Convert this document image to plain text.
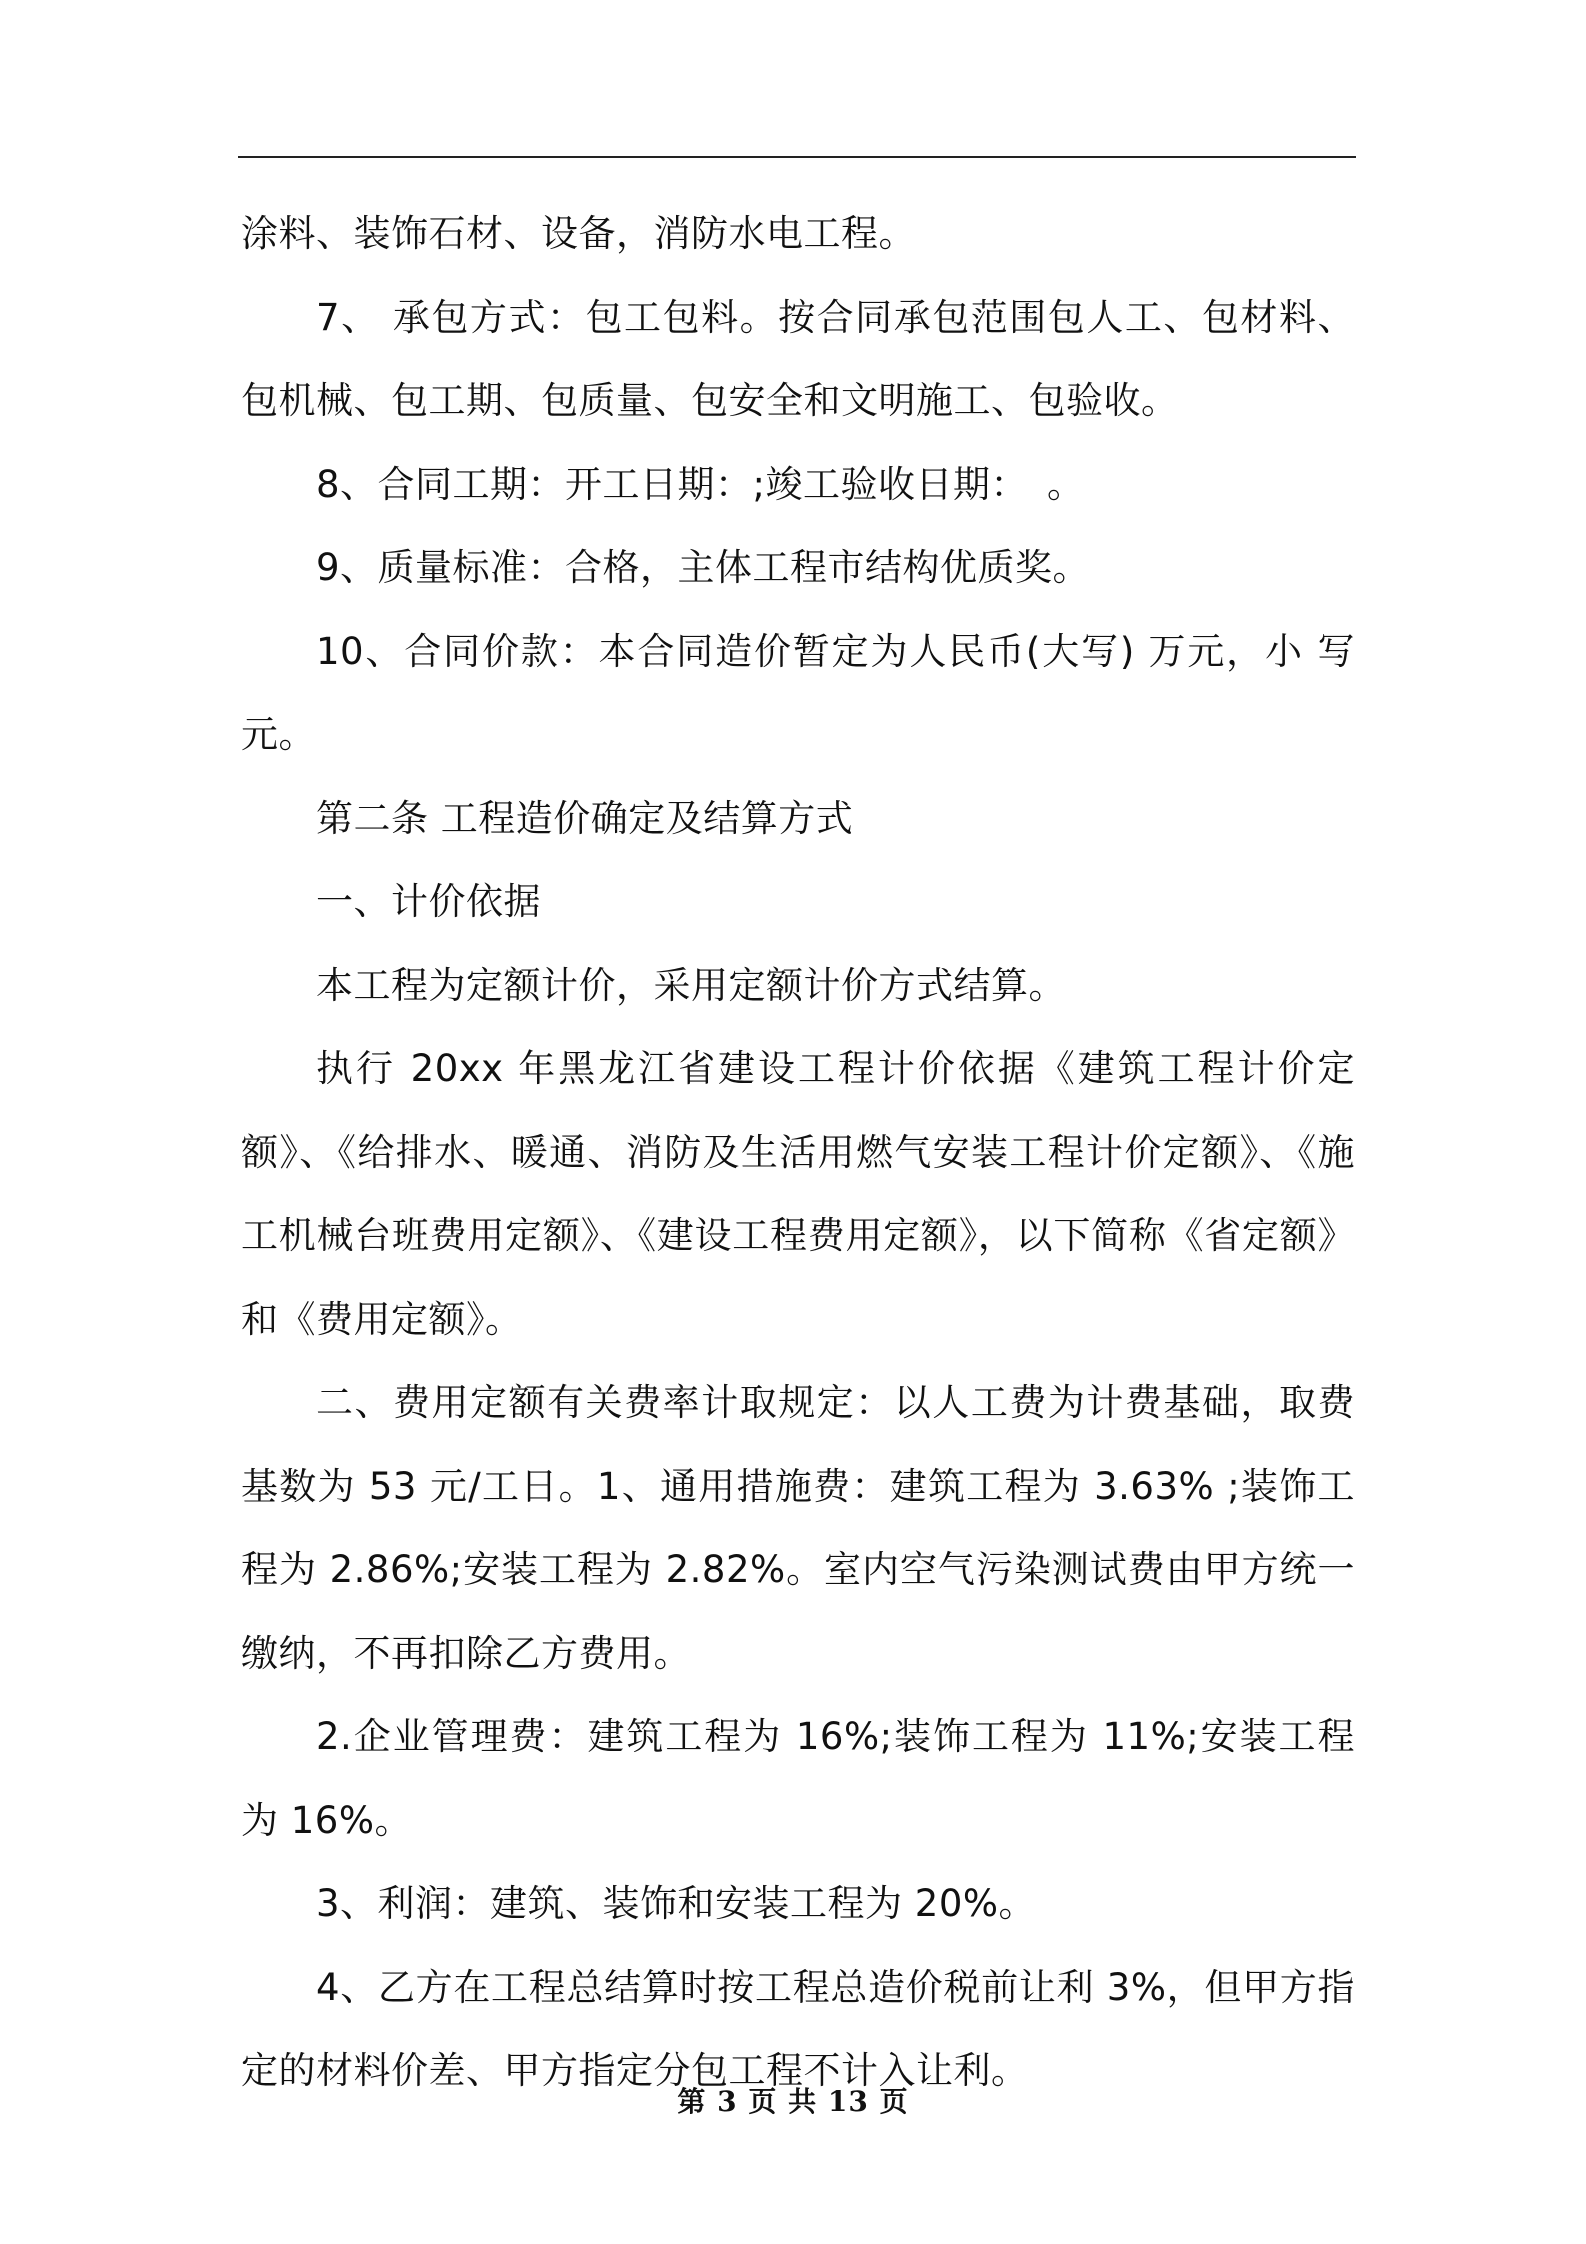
涂料、装饰石材、设备，消防水电工程。

7、 承包方式：包工包料。按合同承包范围包人工、包材料、包机械、包工期、包质量、包安全和文明施工、包验收。

8、合同工期：开工日期：;竣工验收日期：　。

9、质量标准：合格，主体工程市结构优质奖。

10、合同价款：本合同造价暂定为人民币(大写) 万元，小 写 元。

第二条 工程造价确定及结算方式

一、计价依据

本工程为定额计价，采用定额计价方式结算。

执行 20xx 年黑龙江省建设工程计价依据《建筑工程计价定额》、《给排水、暖通、消防及生活用燃气安装工程计价定额》、《施工机械台班费用定额》、《建设工程费用定额》，以下简称《省定额》和《费用定额》。

二、费用定额有关费率计取规定：以人工费为计费基础，取费基数为 53 元/工日。1、通用措施费：建筑工程为 3.63% ;装饰工程为 2.86%;安装工程为 2.82%。室内空气污染测试费由甲方统一缴纳，不再扣除乙方费用。

2.企业管理费：建筑工程为 16%;装饰工程为 11%;安装工程为 16%。

3、利润：建筑、装饰和安装工程为 20%。

4、乙方在工程总结算时按工程总造价税前让利 3%，但甲方指定的材料价差、甲方指定分包工程不计入让利。

第 3 页 共 13 页
